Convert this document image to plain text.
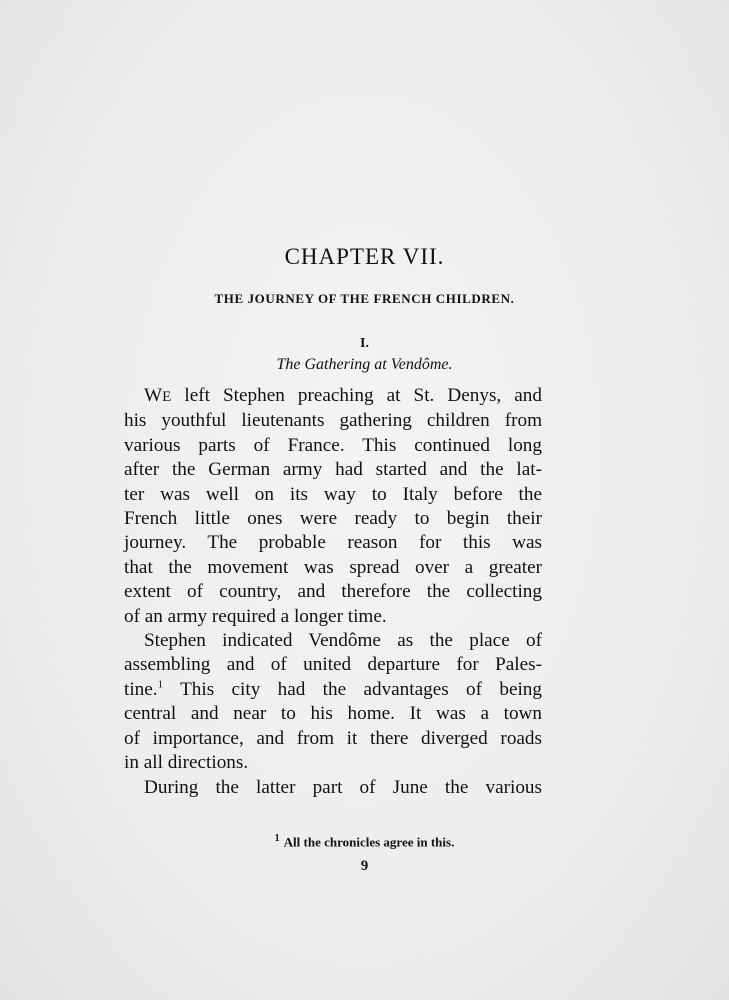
CHAPTER VII.
THE JOURNEY OF THE FRENCH CHILDREN.
I.
The Gathering at Vendôme.
WE left Stephen preaching at St. Denys, and
his youthful lieutenants gathering children from
various parts of France. This continued long
after the German army had started and the lat-
ter was well on its way to Italy before the
French little ones were ready to begin their
journey. The probable reason for this was
that the movement was spread over a greater
extent of country, and therefore the collecting
of an army required a longer time.
Stephen indicated Vendôme as the place of
assembling and of united departure for Pales-
tine.$^1$ This city had the advantages of being
central and near to his home. It was a town
of importance, and from it there diverged roads
in all directions.
During the latter part of June the various
$^1$ All the chronicles agree in this.
9
